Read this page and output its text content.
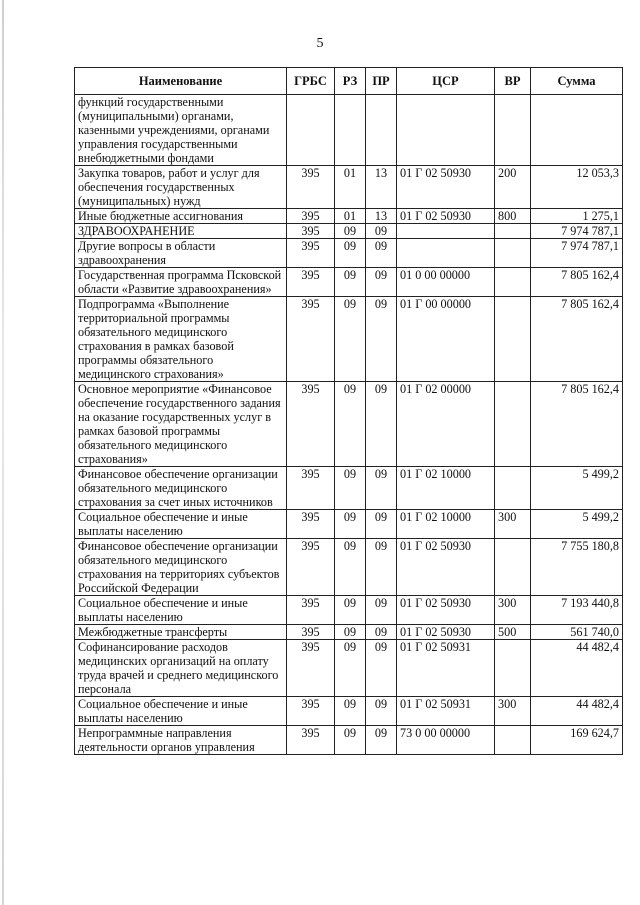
5
Наименование	ГРБС	РЗ	ПР	ЦСР	ВР	Сумма
функций государственными (муниципальными) органами, казенными учреждениями, органами управления государственными внебюджетными фондами						
Закупка товаров, работ и услуг для обеспечения государственных (муниципальных) нужд	395	01	13	01 Г 02 50930	200	12 053,3
Иные бюджетные ассигнования	395	01	13	01 Г 02 50930	800	1 275,1
ЗДРАВООХРАНЕНИЕ	395	09	09			7 974 787,1
Другие вопросы в области здравоохранения	395	09	09			7 974 787,1
Государственная программа Псковской области «Развитие здравоохранения»	395	09	09	01 0 00 00000		7 805 162,4
Подпрограмма «Выполнение территориальной программы обязательного медицинского страхования в рамках базовой программы обязательного медицинского страхования»	395	09	09	01 Г 00 00000		7 805 162,4
Основное мероприятие «Финансовое обеспечение государственного задания на оказание государственных услуг в рамках базовой программы обязательного медицинского страхования»	395	09	09	01 Г 02 00000		7 805 162,4
Финансовое обеспечение организации обязательного медицинского страхования за счет иных источников	395	09	09	01 Г 02 10000		5 499,2
Социальное обеспечение и иные выплаты населению	395	09	09	01 Г 02 10000	300	5 499,2
Финансовое обеспечение организации обязательного медицинского страхования на территориях субъектов Российской Федерации	395	09	09	01 Г 02 50930		7 755 180,8
Социальное обеспечение и иные выплаты населению	395	09	09	01 Г 02 50930	300	7 193 440,8
Межбюджетные трансферты	395	09	09	01 Г 02 50930	500	561 740,0
Софинансирование расходов медицинских организаций на оплату труда врачей и среднего медицинского персонала	395	09	09	01 Г 02 50931		44 482,4
Социальное обеспечение и иные выплаты населению	395	09	09	01 Г 02 50931	300	44 482,4
Непрограммные направления деятельности органов управления	395	09	09	73 0 00 00000		169 624,7
